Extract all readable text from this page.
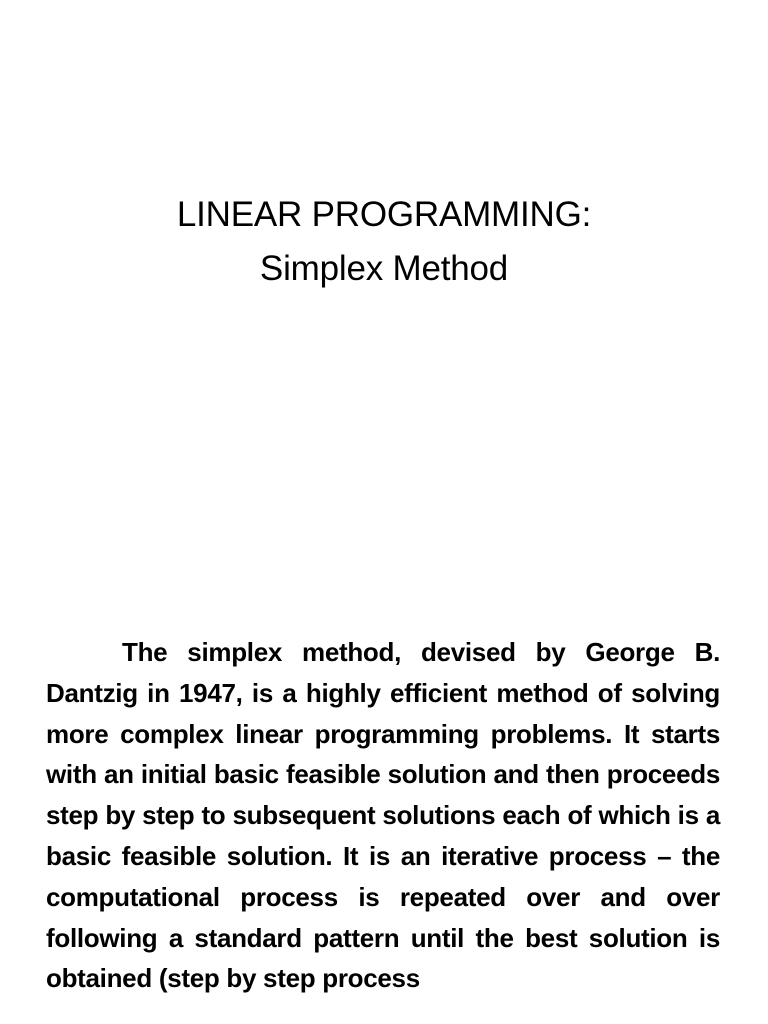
LINEAR PROGRAMMING:
Simplex Method

The simplex method, devised by George B. Dantzig in 1947, is a highly efficient method of solving more complex linear programming problems. It starts with an initial basic feasible solution and then proceeds step by step to subsequent solutions each of which is a basic feasible solution. It is an iterative process – the computational process is repeated over and over following a standard pattern until the best solution is obtained (step by step process
